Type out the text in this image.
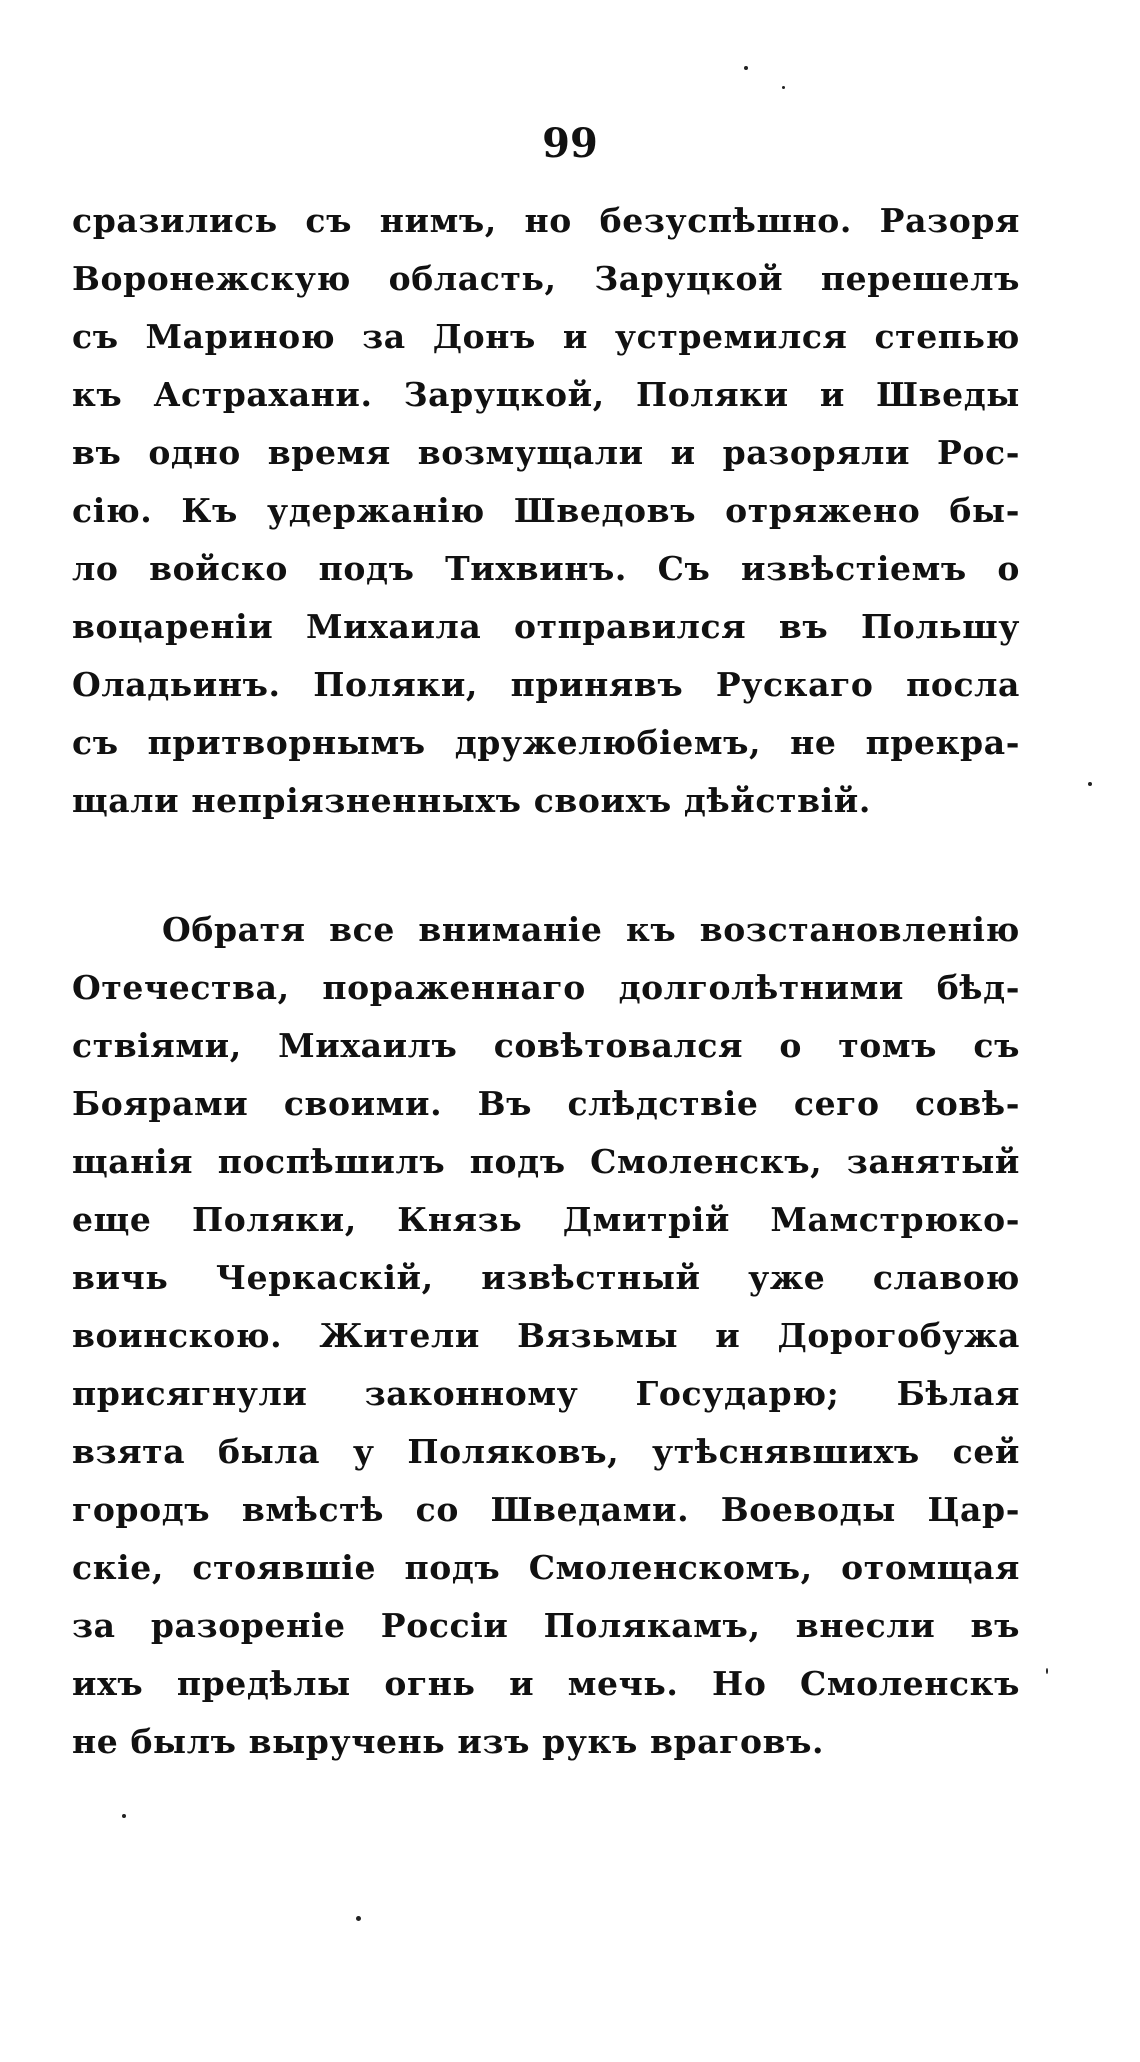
99
сразились съ нимъ, но безуспѣшно. Разоря
Воронежскую область, Заруцкой перешелъ
съ Мариною за Донъ и устремился степью
къ Астрахани. Заруцкой, Поляки и Шведы
въ одно время возмущали и разоряли Рос-
сію. Къ удержанію Шведовъ отряжено бы-
ло войско подъ Тихвинъ. Съ извѣстіемъ о
воцареніи Михаила отправился въ Польшу
Оладьинъ. Поляки, принявъ Рускаго посла
съ притворнымъ дружелюбіемъ, не прекра-
щали непріязненныхъ своихъ дѣйствій.
Обратя все вниманіе къ возстановленію
Отечества, пораженнаго долголѣтними бѣд-
ствіями, Михаилъ совѣтовался о томъ съ
Боярами своими. Въ слѣдствіе сего совѣ-
щанія поспѣшилъ подъ Смоленскъ, занятый
еще Поляки, Князь Дмитрій Мамстрюко-
вичь Черкаскій, извѣстный уже славою
воинскою. Жители Вязьмы и Дорогобужа
присягнули законному Государю; Бѣлая
взята была у Поляковъ, утѣснявшихъ сей
городъ вмѣстѣ со Шведами. Воеводы Цар-
скіе, стоявшіе подъ Смоленскомъ, отомщая
за разореніе Россіи Полякамъ, внесли въ
ихъ предѣлы огнь и мечь. Но Смоленскъ
не былъ выручень изъ рукъ враговъ.
